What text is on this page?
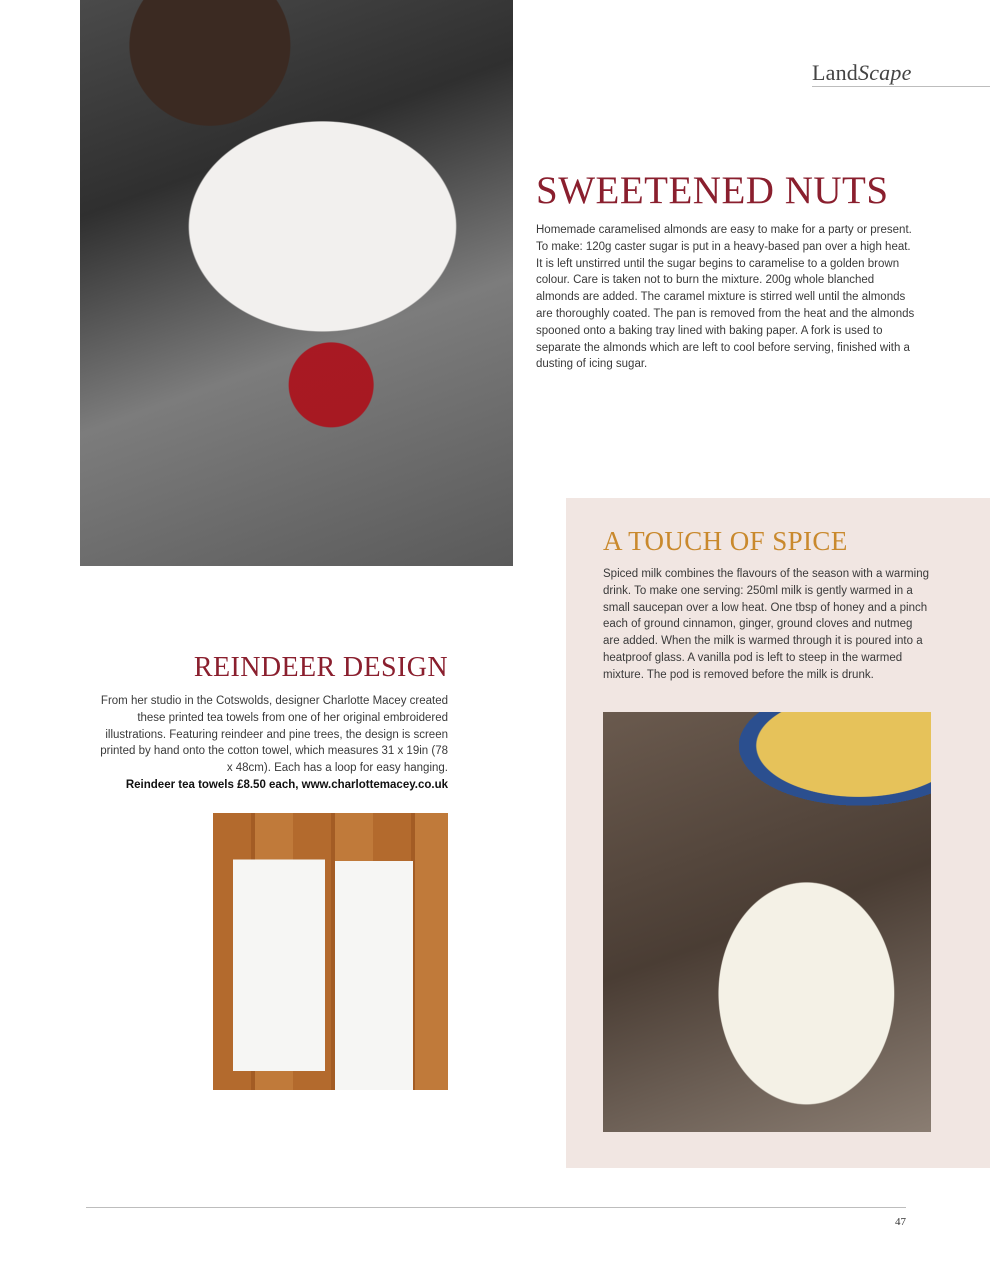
LandScape
SWEETENED NUTS

Homemade caramelised almonds are easy to make for a party or present. To make: 120g caster sugar is put in a heavy-based pan over a high heat. It is left unstirred until the sugar begins to caramelise to a golden brown colour. Care is taken not to burn the mixture. 200g whole blanched almonds are added. The caramel mixture is stirred well until the almonds are thoroughly coated. The pan is removed from the heat and the almonds spooned onto a baking tray lined with baking paper. A fork is used to separate the almonds which are left to cool before serving, finished with a dusting of icing sugar.

A TOUCH OF SPICE

Spiced milk combines the flavours of the season with a warming drink. To make one serving: 250ml milk is gently warmed in a small saucepan over a low heat. One tbsp of honey and a pinch each of ground cinnamon, ginger, ground cloves and nutmeg are added. When the milk is warmed through it is poured into a heatproof glass. A vanilla pod is left to steep in the warmed mixture. The pod is removed before the milk is drunk.

REINDEER DESIGN
From her studio in the Cotswolds, designer Charlotte Macey created these printed tea towels from one of her original embroidered illustrations. Featuring reindeer and pine trees, the design is screen printed by hand onto the cotton towel, which measures 31 x 19in (78 x 48cm). Each has a loop for easy hanging.
Reindeer tea towels £8.50 each, www.charlottemacey.co.uk
47
